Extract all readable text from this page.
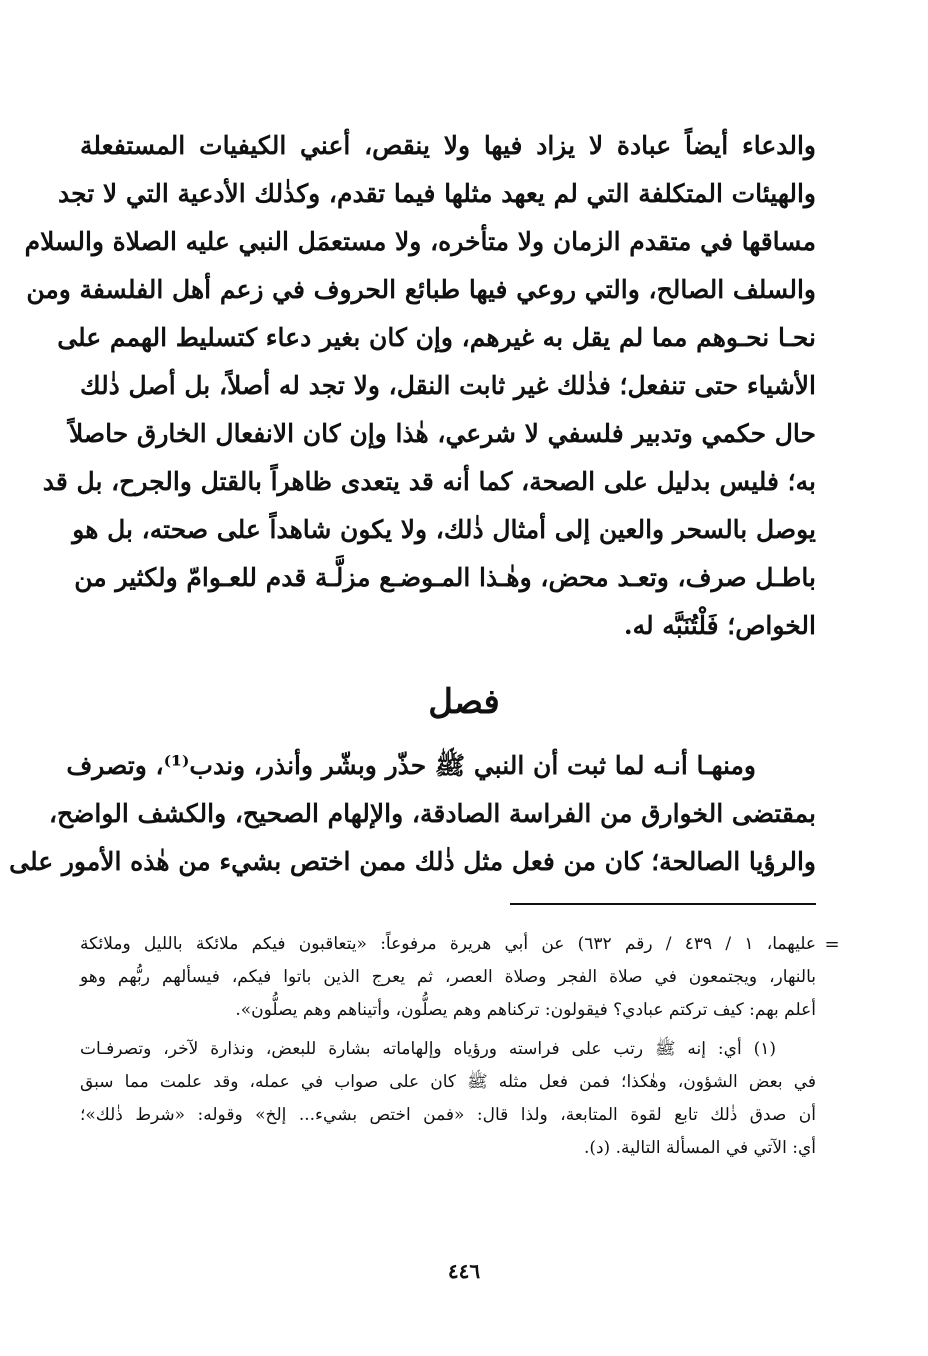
والدعاء أيضاً عبادة لا يزاد فيها ولا ينقص، أعني الكيفيات المستفعلة
والهيئات المتكلفة التي لم يعهد مثلها فيما تقدم، وكذٰلك الأدعية التي لا تجد
مساقها في متقدم الزمان ولا متأخره، ولا مستعمَل النبي عليه الصلاة والسلام
والسلف الصالح، والتي روعي فيها طبائع الحروف في زعم أهل الفلسفة ومن
نحـا نحـوهم مما لم يقل به غيرهم، وإن كان بغير دعاء كتسليط الهمم على
الأشياء حتى تنفعل؛ فذٰلك غير ثابت النقل، ولا تجد له أصلاً، بل أصل ذٰلك
حال حكمي وتدبير فلسفي لا شرعي، هٰذا وإن كان الانفعال الخارق حاصلاً
به؛ فليس بدليل على الصحة، كما أنه قد يتعدى ظاهراً بالقتل والجرح، بل قد
يوصل بالسحر والعين إلى أمثال ذٰلك، ولا يكون شاهداً على صحته، بل هو
باطـل صرف، وتعـد محض، وهٰـذا المـوضـع مزلَّـة قدم للعـوامّ ولكثير من
الخواص؛ فَلْتُنَبَّه له.
فصل
ومنهـا أنـه لما ثبت أن النبي ﷺ حذّر وبشّر وأنذر، وندب⁽¹⁾، وتصرف
بمقتضى الخوارق من الفراسة الصادقة، والإلهام الصحيح، والكشف الواضح،
والرؤيا الصالحة؛ كان من فعل مثل ذٰلك ممن اختص بشيء من هٰذه الأمور على
=
عليهما، ١ / ٤٣٩ / رقم ٦٣٢) عن أبي هريرة مرفوعاً: «يتعاقبون فيكم ملائكة بالليل وملائكة
بالنهار، ويجتمعون في صلاة الفجر وصلاة العصر، ثم يعرج الذين باتوا فيكم، فيسألهم ربُّهم وهو
أعلم بهم: كيف تركتم عبادي؟ فيقولون: تركناهم وهم يصلُّون، وأتيناهم وهم يصلُّون».
(١) أي: إنه ﷺ رتب على فراسته ورؤياه وإلهاماته بشارة للبعض، ونذارة لآخر، وتصرفـات
في بعض الشؤون، وهٰكذا؛ فمن فعل مثله ﷺ كان على صواب في عمله، وقد علمت مما سبق
أن صدق ذٰلك تابع لقوة المتابعة، ولذا قال: «فمن اختص بشيء... إلخ» وقوله: «شرط ذٰلك»؛
أي: الآتي في المسألة التالية. (د).
٤٤٦
